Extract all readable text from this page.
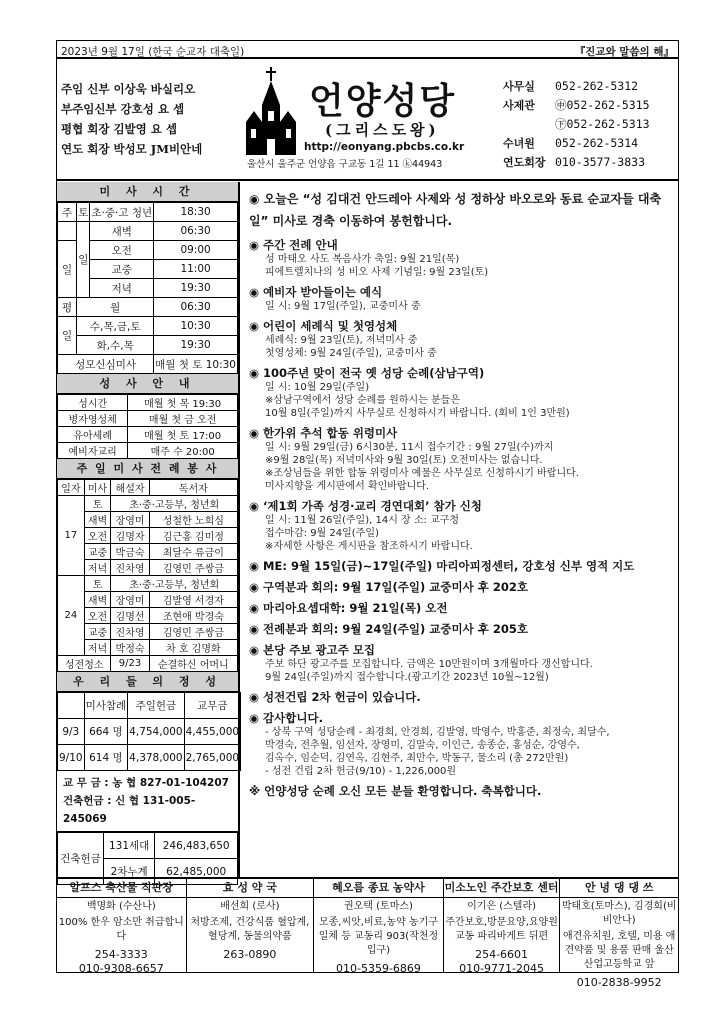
2023년 9월 17일 (한국 순교자 대축일)	『진교와 말씀의 해』
주임 신부 이상욱 바실리오
부주임신부 강호성 요 셉
평협 회장 김발영 요 셉
연도 회장 박성모 JM비안네
언양성당
(그리스도왕)
http://eonyang.pbcbs.co.kr
울산시 울주군 언양읍 구교동 1길 11 ⓚ44943
사무실	052-262-5312
사제관	㊥052-262-5315
㊦052-262-5313
수녀원	052-262-5314
연도회장 010-3577-3833
미 사 시 간
주	토	초·중·고 청년	18:30
	일	새벽	06:30
일		오전	09:00
		교중	11:00
		저녁	19:30
평	월		06:30
일	수,목,금,토		10:30
	화,수,목		19:30
성모신심미사			매월 첫 토 10:30
성 사 안 내
성시간	매월 첫 목 19:30
병자영성체	매월 첫 금 오전
유아세례	매월 첫 토 17:00
예비자교리	매주 수 20:00
주 일 미 사 전 례 봉 사
일자	미사	해설자	독서자
17	토	초·중·고등부, 청년회	
	새벽	장영미	성철한 노희심
	오전	김명자	김근홍 김미정
	교중	박금숙	최달수 류금이
	저녁	진차영	김영민 주쌍금
24	토	초·중·고등부, 청년회	
	새벽	장영미	김발영 서경자
	오전	김명선	조현애 박경숙
	교중	진차영	김영민 주쌍금
	저녁	박정숙	차 호 김명화
성전청소		9/23	순결하신 어머니
우 리 들 의 정 성
	미사참례	주일헌금	교무금
9/3	664 명	4,754,000	4,455,000
9/10	614 명	4,378,000	2,765,000
교 무 금 : 농 협 827-01-104207
건축헌금 : 신 협 131-005-245069
건축헌금	131세대	246,483,650
	2차누계	62,485,000
◉ 오늘은 “성 김대건 안드레아 사제와 성 정하상 바오로와 동료 순교자들 대축일” 미사로 경축 이동하여 봉헌합니다.
◉ 주간 전례 안내
성 마태오 사도 복음사가 축일: 9월 21일(목)
피에트렐치나의 성 비오 사제 기념일: 9월 23일(토)
◉ 예비자 받아들이는 예식
일 시: 9월 17일(주일), 교중미사 중
◉ 어린이 세례식 및 첫영성체
세례식: 9월 23일(토), 저녁미사 중
첫영성체: 9월 24일(주일), 교중미사 중
◉ 100주년 맞이 전국 옛 성당 순례(삼남구역)
일 시: 10월 29일(주일)
※삼남구역에서 성당 순례를 원하시는 분들은
10월 8일(주일)까지 사무실로 신청하시기 바랍니다. (회비 1인 3만원)
◉ 한가위 추석 합동 위령미사
일 시: 9월 29일(금) 6시30분, 11시 접수기간 : 9월 27일(수)까지
※9월 28일(목) 저녁미사와 9월 30일(토) 오전미사는 없습니다.
※조상님들을 위한 합동 위령미사 예물은 사무실로 신청하시기 바랍니다.
미사지향을 게시판에서 확인바랍니다.
◉ ‘제1회 가족 성경·교리 경연대회’ 참가 신청
일 시: 11월 26일(주일), 14시 장 소: 교구청
접수마감: 9월 24일(주일)
※자세한 사항은 게시판을 참조하시기 바랍니다.
◉ ME: 9월 15일(금)~17일(주일) 마리아피정센터, 강호성 신부 영적 지도
◉ 구역분과 회의: 9월 17일(주일) 교중미사 후 202호
◉ 마리아요셉대학: 9월 21일(목) 오전
◉ 전례분과 회의: 9월 24일(주일) 교중미사 후 205호
◉ 본당 주보 광고주 모집
주보 하단 광고주를 모집합니다. 금액은 10만원이며 3개월마다 갱신합니다.
9월 24일(주일)까지 접수합니다.(광고기간 2023년 10월~12월)
◉ 성전건립 2차 헌금이 있습니다.
◉ 감사합니다.
- 상북 구역 성당순례 - 최경희, 안경희, 김발영, 박영수, 박홍준, 최정숙, 최달수,
박경숙, 전추월, 임선자, 장영미, 김말숙, 이인근, 송종순, 홍성순, 강영수,
김옥수, 임순덕, 김연옥, 김현주, 최만수, 박동구, 물소리 (총 272만원)
- 성전 건립 2차 헌금(9/10) - 1,226,000원
※ 언양성당 순례 오신 모든 분들 환영합니다. 축복합니다.
알프스 축산물 직판장
백명화 (수산나)
100% 한우 암소만 취급합니다
254-3333
010-9308-6657
효 성 약 국
배선희 (로사)
처방조제, 건강식품 혈압계, 혈당계, 동물의약품
263-0890
혜오름 종묘 농약사
권오택 (토마스)
모종,씨앗,비료,농약 농기구 일체 등 교동리 903(작천정 입구)
010-5359-6869
미소노인 주간보호 센터
이기은 (스텔라)
주간보호,방문요양,요양원 교동 파리바게트 뒤편
254-6601
010-9771-2045
안 녕 댕 댕 쓰
박태호(토마스), 김경희(비비안나)
애견유치원, 호텔, 미용 애견약품 및 용품 판매 울산산업고등학교 앞
010-2838-9952
